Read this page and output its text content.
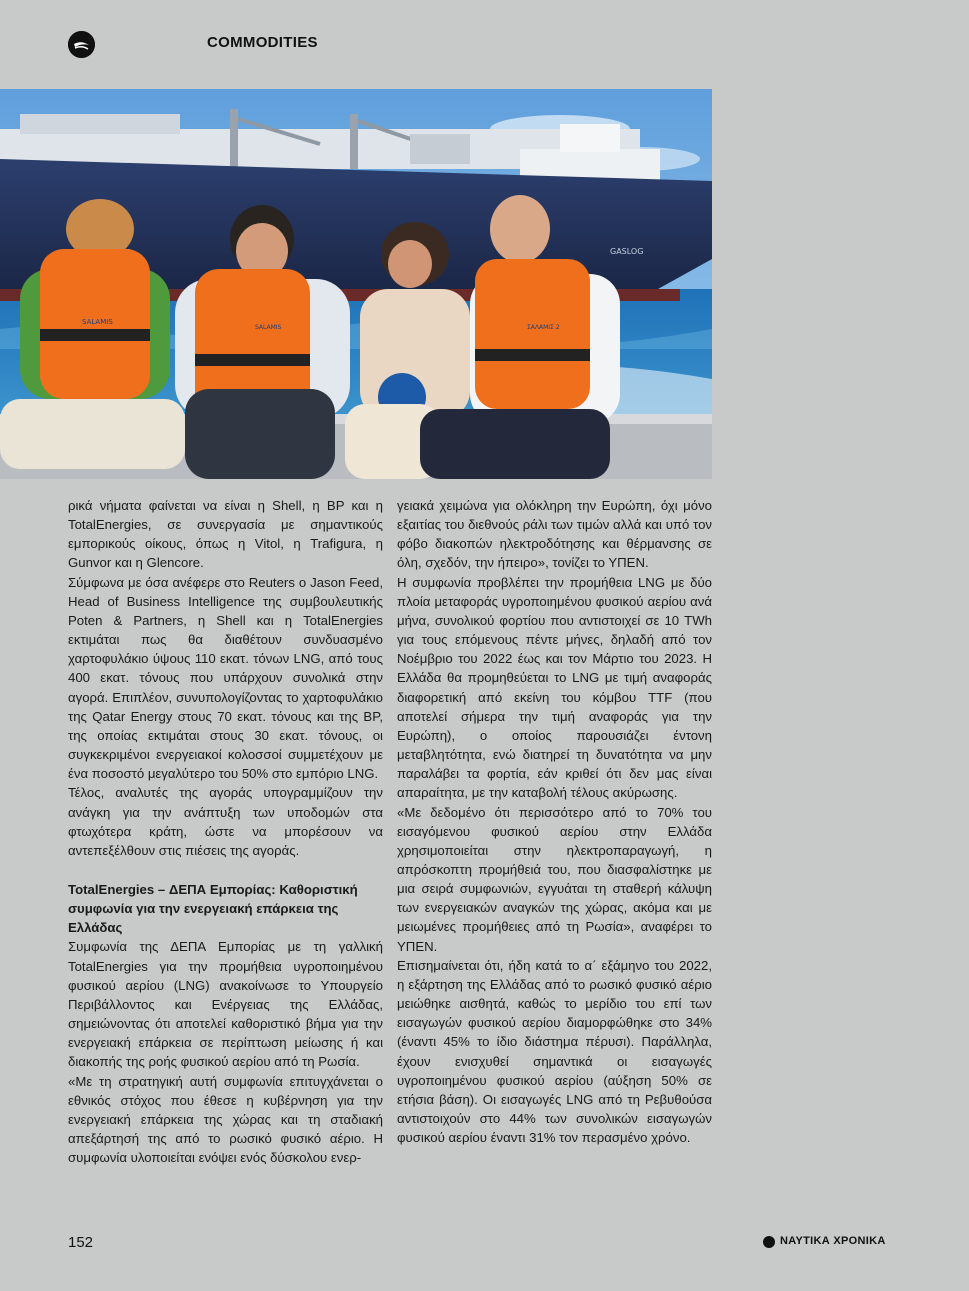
COMMODITIES
SALAMIS
SALAMIS	ΣΑΛΑΜΙΣ 2
GASLOG

ρικά νήματα φαίνεται να είναι η Shell, η BP και η TotalEnergies, σε συνεργασία με σημαντικούς εμπορικούς οίκους, όπως η Vitol, η Trafigura, η Gunvor και η Glencore.

Σύμφωνα με όσα ανέφερε στο Reuters ο Jason Feed, Head of Business Intelligence της συμβουλευτικής Poten & Partners, η Shell και η TotalEnergies εκτιμάται πως θα διαθέτουν συνδυασμένο χαρτοφυλάκιο ύψους 110 εκατ. τόνων LNG, από τους 400 εκατ. τόνους που υπάρχουν συνολικά στην αγορά. Επιπλέον, συνυπολογίζοντας το χαρτοφυλάκιο της Qatar Energy στους 70 εκατ. τόνους και της BP, της οποίας εκτιμάται στους 30 εκατ. τόνους, οι συγκεκριμένοι ενεργειακοί κολοσσοί συμμετέχουν με ένα ποσοστό μεγαλύτερο του 50% στο εμπόριο LNG.

Τέλος, αναλυτές της αγοράς υπογραμμίζουν την ανάγκη για την ανάπτυξη των υποδομών στα φτωχότερα κράτη, ώστε να μπορέσουν να αντεπεξέλθουν στις πιέσεις της αγοράς.

TotalEnergies – ΔΕΠΑ Εμπορίας: Καθοριστική συμφωνία για την ενεργειακή επάρκεια της Ελλάδας

Συμφωνία της ΔΕΠΑ Εμπορίας με τη γαλλική TotalEnergies για την προμήθεια υγροποιημένου φυσικού αερίου (LNG) ανακοίνωσε το Υπουργείο Περιβάλλοντος και Ενέργειας της Ελλάδας, σημειώνοντας ότι αποτελεί καθοριστικό βήμα για την ενεργειακή επάρκεια σε περίπτωση μείωσης ή και διακοπής της ροής φυσικού αερίου από τη Ρωσία.

«Με τη στρατηγική αυτή συμφωνία επιτυγχάνεται ο εθνικός στόχος που έθεσε η κυβέρνηση για την ενεργειακή επάρκεια της χώρας και τη σταδιακή απεξάρτησή της από το ρωσικό φυσικό αέριο. Η συμφωνία υλοποιείται ενόψει ενός δύσκολου ενερ-

γειακά χειμώνα για ολόκληρη την Ευρώπη, όχι μόνο εξαιτίας του διεθνούς ράλι των τιμών αλλά και υπό τον φόβο διακοπών ηλεκτροδότησης και θέρμανσης σε όλη, σχεδόν, την ήπειρο», τονίζει το ΥΠΕΝ.

Η συμφωνία προβλέπει την προμήθεια LNG με δύο πλοία μεταφοράς υγροποιημένου φυσικού αερίου ανά μήνα, συνολικού φορτίου που αντιστοιχεί σε 10 TWh για τους επόμενους πέντε μήνες, δηλαδή από τον Νοέμβριο του 2022 έως και τον Μάρτιο του 2023. Η Ελλάδα θα προμηθεύεται το LNG με τιμή αναφοράς διαφορετική από εκείνη του κόμβου TTF (που αποτελεί σήμερα την τιμή αναφοράς για την Ευρώπη), ο οποίος παρουσιάζει έντονη μεταβλητότητα, ενώ διατηρεί τη δυνατότητα να μην παραλάβει τα φορτία, εάν κριθεί ότι δεν μας είναι απαραίτητα, με την καταβολή τέλους ακύρωσης.

«Με δεδομένο ότι περισσότερο από το 70% του εισαγόμενου φυσικού αερίου στην Ελλάδα χρησιμοποιείται στην ηλεκτροπαραγωγή, η απρόσκοπτη προμήθειά του, που διασφαλίστηκε με μια σειρά συμφωνιών, εγγυάται τη σταθερή κάλυψη των ενεργειακών αναγκών της χώρας, ακόμα και με μειωμένες προμήθειες από τη Ρωσία», αναφέρει το ΥΠΕΝ.

Επισημαίνεται ότι, ήδη κατά το α΄ εξάμηνο του 2022, η εξάρτηση της Ελλάδας από το ρωσικό φυσικό αέριο μειώθηκε αισθητά, καθώς το μερίδιο του επί των εισαγωγών φυσικού αερίου διαμορφώθηκε στο 34% (έναντι 45% το ίδιο διάστημα πέρυσι). Παράλληλα, έχουν ενισχυθεί σημαντικά οι εισαγωγές υγροποιημένου φυσικού αερίου (αύξηση 50% σε ετήσια βάση). Οι εισαγωγές LNG από τη Ρεβυθούσα αντιστοιχούν στο 44% των συνολικών εισαγωγών φυσικού αερίου έναντι 31% τον περασμένο χρόνο.

152	ΝΑΥΤΙΚΑ ΧΡΟΝΙΚΑ
